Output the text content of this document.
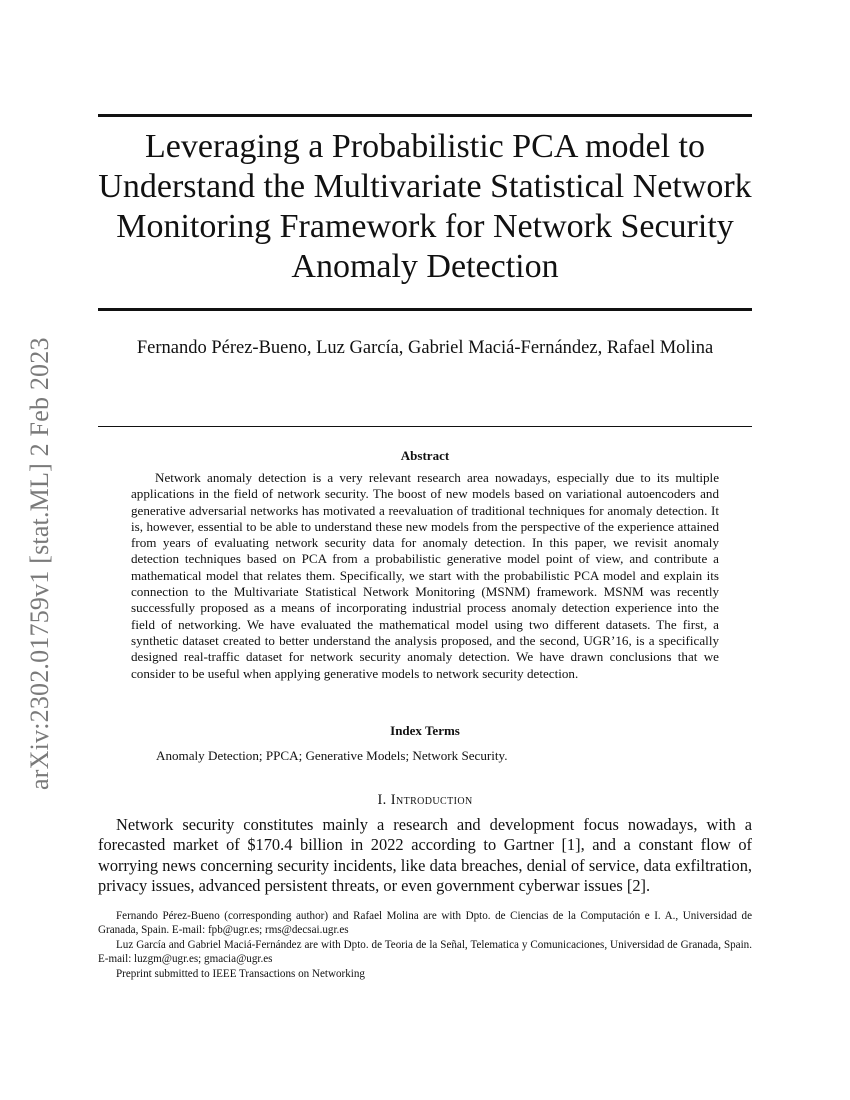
arXiv:2302.01759v1 [stat.ML] 2 Feb 2023
Leveraging a Probabilistic PCA model to Understand the Multivariate Statistical Network Monitoring Framework for Network Security Anomaly Detection
Fernando Pérez-Bueno, Luz García, Gabriel Maciá-Fernández, Rafael Molina
Abstract

Network anomaly detection is a very relevant research area nowadays, especially due to its multiple applications in the field of network security. The boost of new models based on variational autoencoders and generative adversarial networks has motivated a reevaluation of traditional techniques for anomaly detection. It is, however, essential to be able to understand these new models from the perspective of the experience attained from years of evaluating network security data for anomaly detection. In this paper, we revisit anomaly detection techniques based on PCA from a probabilistic generative model point of view, and contribute a mathematical model that relates them. Specifically, we start with the probabilistic PCA model and explain its connection to the Multivariate Statistical Network Monitoring (MSNM) framework. MSNM was recently successfully proposed as a means of incorporating industrial process anomaly detection experience into the field of networking. We have evaluated the mathematical model using two different datasets. The first, a synthetic dataset created to better understand the analysis proposed, and the second, UGR’16, is a specifically designed real-traffic dataset for network security anomaly detection. We have drawn conclusions that we consider to be useful when applying generative models to network security detection.

Index Terms
Anomaly Detection; PPCA; Generative Models; Network Security.
I. Introduction

Network security constitutes mainly a research and development focus nowadays, with a forecasted market of $170.4 billion in 2022 according to Gartner [1], and a constant flow of worrying news concerning security incidents, like data breaches, denial of service, data exfiltration, privacy issues, advanced persistent threats, or even government cyberwar issues [2].

Fernando Pérez-Bueno (corresponding author) and Rafael Molina are with Dpto. de Ciencias de la Computación e I. A., Universidad de Granada, Spain. E-mail: fpb@ugr.es; rms@decsai.ugr.es

Luz García and Gabriel Maciá-Fernández are with Dpto. de Teoria de la Señal, Telematica y Comunicaciones, Universidad de Granada, Spain. E-mail: luzgm@ugr.es; gmacia@ugr.es

Preprint submitted to IEEE Transactions on Networking
